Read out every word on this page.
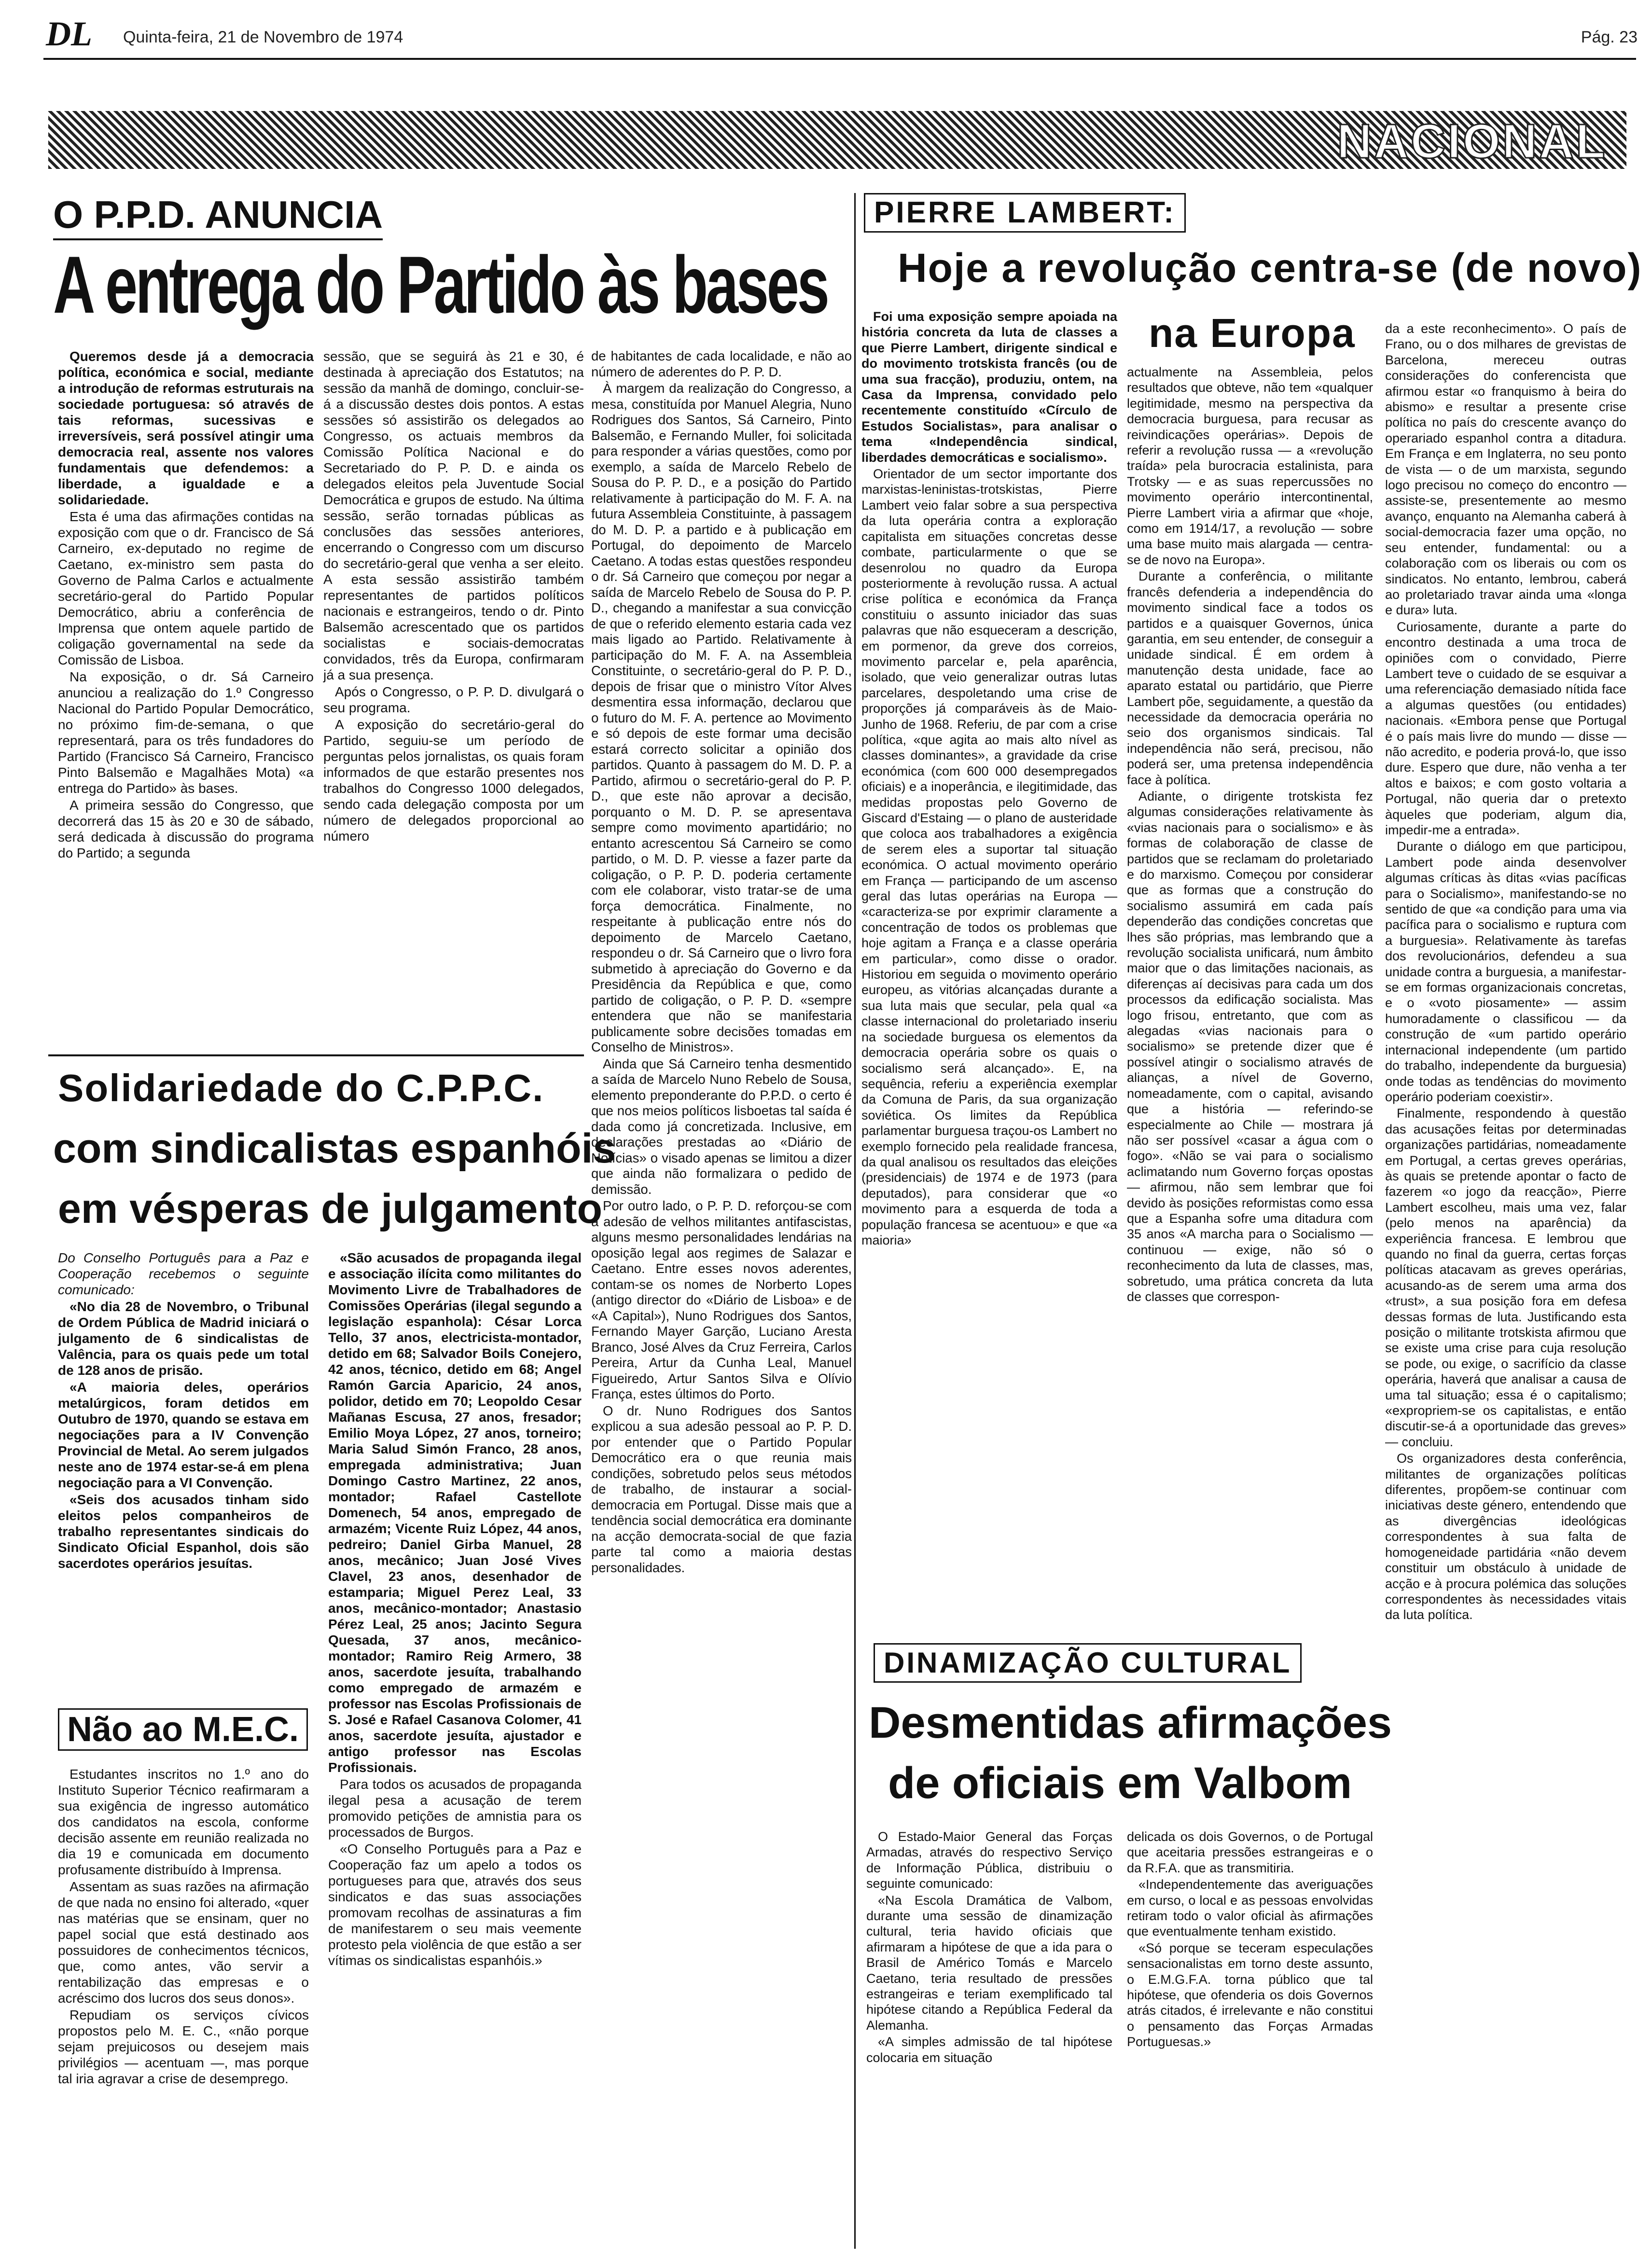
DL Quinta-feira, 21 de Novembro de 1974	Pág. 23
NACIONAL
O P.P.D. ANUNCIA
A entrega do Partido às bases

Queremos desde já a democracia política, económica e social, mediante a introdução de reformas estruturais na sociedade portuguesa: só através de tais reformas, sucessivas e irreversíveis, será possível atingir uma democracia real, assente nos valores fundamentais que defendemos: a liberdade, a igualdade e a solidariedade.

Esta é uma das afirmações contidas na exposição com que o dr. Francisco de Sá Carneiro, ex-deputado no regime de Caetano, ex-ministro sem pasta do Governo de Palma Carlos e actualmente secretário-geral do Partido Popular Democrático, abriu a conferência de Imprensa que ontem aquele partido de coligação governamental na sede da Comissão de Lisboa.

Na exposição, o dr. Sá Carneiro anunciou a realização do 1.º Congresso Nacional do Partido Popular Democrático, no próximo fim-de-semana, o que representará, para os três fundadores do Partido (Francisco Sá Carneiro, Francisco Pinto Balsemão e Magalhães Mota) «a entrega do Partido» às bases.

A primeira sessão do Congresso, que decorrerá das 15 às 20 e 30 de sábado, será dedicada à discussão do programa do Partido; a segunda

sessão, que se seguirá às 21 e 30, é destinada à apreciação dos Estatutos; na sessão da manhã de domingo, concluir-se-á a discussão destes dois pontos. A estas sessões só assistirão os delegados ao Congresso, os actuais membros da Comissão Política Nacional e do Secretariado do P. P. D. e ainda os delegados eleitos pela Juventude Social Democrática e grupos de estudo. Na última sessão, serão tornadas públicas as conclusões das sessões anteriores, encerrando o Congresso com um discurso do secretário-geral que venha a ser eleito. A esta sessão assistirão também representantes de partidos políticos nacionais e estrangeiros, tendo o dr. Pinto Balsemão acrescentado que os partidos socialistas e sociais-democratas convidados, três da Europa, confirmaram já a sua presença.

Após o Congresso, o P. P. D. divulgará o seu programa.

A exposição do secretário-geral do Partido, seguiu-se um período de perguntas pelos jornalistas, os quais foram informados de que estarão presentes nos trabalhos do Congresso 1000 delegados, sendo cada delegação composta por um número de delegados proporcional ao número

de habitantes de cada localidade, e não ao número de aderentes do P. P. D.

À margem da realização do Congresso, a mesa, constituída por Manuel Alegria, Nuno Rodrigues dos Santos, Sá Carneiro, Pinto Balsemão, e Fernando Muller, foi solicitada para responder a várias questões, como por exemplo, a saída de Marcelo Rebelo de Sousa do P. P. D., e a posição do Partido relativamente à participação do M. F. A. na futura Assembleia Constituinte, à passagem do M. D. P. a partido e à publicação em Portugal, do depoimento de Marcelo Caetano. A todas estas questões respondeu o dr. Sá Carneiro que começou por negar a saída de Marcelo Rebelo de Sousa do P. P. D., chegando a manifestar a sua convicção de que o referido elemento estaria cada vez mais ligado ao Partido. Relativamente à participação do M. F. A. na Assembleia Constituinte, o secretário-geral do P. P. D., depois de frisar que o ministro Vítor Alves desmentira essa informação, declarou que o futuro do M. F. A. pertence ao Movimento e só depois de este formar uma decisão estará correcto solicitar a opinião dos partidos. Quanto à passagem do M. D. P. a Partido, afirmou o secretário-geral do P. P. D., que este não aprovar a decisão, porquanto o M. D. P. se apresentava sempre como movimento apartidário; no entanto acrescentou Sá Carneiro se como partido, o M. D. P. viesse a fazer parte da coligação, o P. P. D. poderia certamente com ele colaborar, visto tratar-se de uma força democrática. Finalmente, no respeitante à publicação entre nós do depoimento de Marcelo Caetano, respondeu o dr. Sá Carneiro que o livro fora submetido à apreciação do Governo e da Presidência da República e que, como partido de coligação, o P. P. D. «sempre entendera que não se manifestaria publicamente sobre decisões tomadas em Conselho de Ministros».

Ainda que Sá Carneiro tenha desmentido a saída de Marcelo Nuno Rebelo de Sousa, elemento preponderante do P.P.D. o certo é que nos meios políticos lisboetas tal saída é dada como já concretizada. Inclusive, em declarações prestadas ao «Diário de Notícias» o visado apenas se limitou a dizer que ainda não formalizara o pedido de demissão.

Por outro lado, o P. P. D. reforçou-se com a adesão de velhos militantes antifascistas, alguns mesmo personalidades lendárias na oposição legal aos regimes de Salazar e Caetano. Entre esses novos aderentes, contam-se os nomes de Norberto Lopes (antigo director do «Diário de Lisboa» e de «A Capital»), Nuno Rodrigues dos Santos, Fernando Mayer Garção, Luciano Aresta Branco, José Alves da Cruz Ferreira, Carlos Pereira, Artur da Cunha Leal, Manuel Figueiredo, Artur Santos Silva e Olívio França, estes últimos do Porto.

O dr. Nuno Rodrigues dos Santos explicou a sua adesão pessoal ao P. P. D. por entender que o Partido Popular Democrático era o que reunia mais condições, sobretudo pelos seus métodos de trabalho, de instaurar a social-democracia em Portugal. Disse mais que a tendência social democrática era dominante na acção democrata-social de que fazia parte tal como a maioria destas personalidades.

Solidariedade do C.P.P.C.
com sindicalistas espanhóis
em vésperas de julgamento

Do Conselho Português para a Paz e Cooperação recebemos o seguinte comunicado:

«No dia 28 de Novembro, o Tribunal de Ordem Pública de Madrid iniciará o julgamento de 6 sindicalistas de Valência, para os quais pede um total de 128 anos de prisão.

«A maioria deles, operários metalúrgicos, foram detidos em Outubro de 1970, quando se estava em negociações para a IV Convenção Provincial de Metal. Ao serem julgados neste ano de 1974 estar-se-á em plena negociação para a VI Convenção.

«Seis dos acusados tinham sido eleitos pelos companheiros de trabalho representantes sindicais do Sindicato Oficial Espanhol, dois são sacerdotes operários jesuítas.

«São acusados de propaganda ilegal e associação ilícita como militantes do Movimento Livre de Trabalhadores de Comissões Operárias (ilegal segundo a legislação espanhola): César Lorca Tello, 37 anos, electricista-montador, detido em 68; Salvador Boils Conejero, 42 anos, técnico, detido em 68; Angel Ramón Garcia Aparicio, 24 anos, polidor, detido em 70; Leopoldo Cesar Mañanas Escusa, 27 anos, fresador; Emilio Moya López, 27 anos, torneiro; Maria Salud Simón Franco, 28 anos, empregada administrativa; Juan Domingo Castro Martinez, 22 anos, montador; Rafael Castellote Domenech, 54 anos, empregado de armazém; Vicente Ruiz López, 44 anos, pedreiro; Daniel Girba Manuel, 28 anos, mecânico; Juan José Vives Clavel, 23 anos, desenhador de estamparia; Miguel Perez Leal, 33 anos, mecânico-montador; Anastasio Pérez Leal, 25 anos; Jacinto Segura Quesada, 37 anos, mecânico-montador; Ramiro Reig Armero, 38 anos, sacerdote jesuíta, trabalhando como empregado de armazém e professor nas Escolas Profissionais de S. José e Rafael Casanova Colomer, 41 anos, sacerdote jesuíta, ajustador e antigo professor nas Escolas Profissionais.

Para todos os acusados de propaganda ilegal pesa a acusação de terem promovido petições de amnistia para os processados de Burgos.

«O Conselho Português para a Paz e Cooperação faz um apelo a todos os portugueses para que, através dos seus sindicatos e das suas associações promovam recolhas de assinaturas a fim de manifestarem o seu mais veemente protesto pela violência de que estão a ser vítimas os sindicalistas espanhóis.»

Não ao M.E.C.

Estudantes inscritos no 1.º ano do Instituto Superior Técnico reafirmaram a sua exigência de ingresso automático dos candidatos na escola, conforme decisão assente em reunião realizada no dia 19 e comunicada em documento profusamente distribuído à Imprensa.

Assentam as suas razões na afirmação de que nada no ensino foi alterado, «quer nas matérias que se ensinam, quer no papel social que está destinado aos possuidores de conhecimentos técnicos, que, como antes, vão servir a rentabilização das empresas e o acréscimo dos lucros dos seus donos».

Repudiam os serviços cívicos propostos pelo M. E. C., «não porque sejam prejuicosos ou desejem mais privilégios — acentuam —, mas porque tal iria agravar a crise de desemprego.

PIERRE LAMBERT:
Hoje a revolução centra-se (de novo)
na Europa

Foi uma exposição sempre apoiada na história concreta da luta de classes a que Pierre Lambert, dirigente sindical e do movimento trotskista francês (ou de uma sua fracção), produziu, ontem, na Casa da Imprensa, convidado pelo recentemente constituído «Círculo de Estudos Socialistas», para analisar o tema «Independência sindical, liberdades democráticas e socialismo».

Orientador de um sector importante dos marxistas-leninistas-trotskistas, Pierre Lambert veio falar sobre a sua perspectiva da luta operária contra a exploração capitalista em situações concretas desse combate, particularmente o que se desenrolou no quadro da Europa posteriormente à revolução russa. A actual crise política e económica da França constituiu o assunto iniciador das suas palavras que não esqueceram a descrição, em pormenor, da greve dos correios, movimento parcelar e, pela aparência, isolado, que veio generalizar outras lutas parcelares, despoletando uma crise de proporções já comparáveis às de Maio-Junho de 1968. Referiu, de par com a crise política, «que agita ao mais alto nível as classes dominantes», a gravidade da crise económica (com 600 000 desempregados oficiais) e a inoperância, e ilegitimidade, das medidas propostas pelo Governo de Giscard d'Estaing — o plano de austeridade que coloca aos trabalhadores a exigência de serem eles a suportar tal situação económica. O actual movimento operário em França — participando de um ascenso geral das lutas operárias na Europa — «caracteriza-se por exprimir claramente a concentração de todos os problemas que hoje agitam a França e a classe operária em particular», como disse o orador. Historiou em seguida o movimento operário europeu, as vitórias alcançadas durante a sua luta mais que secular, pela qual «a classe internacional do proletariado inseriu na sociedade burguesa os elementos da democracia operária sobre os quais o socialismo será alcançado». E, na sequência, referiu a experiência exemplar da Comuna de Paris, da sua organização soviética. Os limites da República parlamentar burguesa traçou-os Lambert no exemplo fornecido pela realidade francesa, da qual analisou os resultados das eleições (presidenciais) de 1974 e de 1973 (para deputados), para considerar que «o movimento para a esquerda de toda a população francesa se acentuou» e que «a maioria»

actualmente na Assembleia, pelos resultados que obteve, não tem «qualquer legitimidade, mesmo na perspectiva da democracia burguesa, para recusar as reivindicações operárias». Depois de referir a revolução russa — a «revolução traída» pela burocracia estalinista, para Trotsky — e as suas repercussões no movimento operário intercontinental, Pierre Lambert viria a afirmar que «hoje, como em 1914/17, a revolução — sobre uma base muito mais alargada — centra-se de novo na Europa».

Durante a conferência, o militante francês defenderia a independência do movimento sindical face a todos os partidos e a quaisquer Governos, única garantia, em seu entender, de conseguir a unidade sindical. É em ordem à manutenção desta unidade, face ao aparato estatal ou partidário, que Pierre Lambert põe, seguidamente, a questão da necessidade da democracia operária no seio dos organismos sindicais. Tal independência não será, precisou, não poderá ser, uma pretensa independência face à política.

Adiante, o dirigente trotskista fez algumas considerações relativamente às «vias nacionais para o socialismo» e às formas de colaboração de classe de partidos que se reclamam do proletariado e do marxismo. Começou por considerar que as formas que a construção do socialismo assumirá em cada país dependerão das condições concretas que lhes são próprias, mas lembrando que a revolução socialista unificará, num âmbito maior que o das limitações nacionais, as diferenças aí decisivas para cada um dos processos da edificação socialista. Mas logo frisou, entretanto, que com as alegadas «vias nacionais para o socialismo» se pretende dizer que é possível atingir o socialismo através de alianças, a nível de Governo, nomeadamente, com o capital, avisando que a história — referindo-se especialmente ao Chile — mostrara já não ser possível «casar a água com o fogo». «Não se vai para o socialismo aclimatando num Governo forças opostas — afirmou, não sem lembrar que foi devido às posições reformistas como essa que a Espanha sofre uma ditadura com 35 anos «A marcha para o Socialismo — continuou — exige, não só o reconhecimento da luta de classes, mas, sobretudo, uma prática concreta da luta de classes que correspon-

da a este reconhecimento». O país de Frano, ou o dos milhares de grevistas de Barcelona, mereceu outras considerações do conferencista que afirmou estar «o franquismo à beira do abismo» e resultar a presente crise política no país do crescente avanço do operariado espanhol contra a ditadura. Em França e em Inglaterra, no seu ponto de vista — o de um marxista, segundo logo precisou no começo do encontro — assiste-se, presentemente ao mesmo avanço, enquanto na Alemanha caberá à social-democracia fazer uma opção, no seu entender, fundamental: ou a colaboração com os liberais ou com os sindicatos. No entanto, lembrou, caberá ao proletariado travar ainda uma «longa e dura» luta.

Curiosamente, durante a parte do encontro destinada a uma troca de opiniões com o convidado, Pierre Lambert teve o cuidado de se esquivar a uma referenciação demasiado nítida face a algumas questões (ou entidades) nacionais. «Embora pense que Portugal é o país mais livre do mundo — disse — não acredito, e poderia prová-lo, que isso dure. Espero que dure, não venha a ter altos e baixos; e com gosto voltaria a Portugal, não queria dar o pretexto àqueles que poderiam, algum dia, impedir-me a entrada».

Durante o diálogo em que participou, Lambert pode ainda desenvolver algumas críticas às ditas «vias pacíficas para o Socialismo», manifestando-se no sentido de que «a condição para uma via pacífica para o socialismo e ruptura com a burguesia». Relativamente às tarefas dos revolucionários, defendeu a sua unidade contra a burguesia, a manifestar-se em formas organizacionais concretas, e o «voto piosamente» — assim humoradamente o classificou — da construção de «um partido operário internacional independente (um partido do trabalho, independente da burguesia) onde todas as tendências do movimento operário poderiam coexistir».

Finalmente, respondendo à questão das acusações feitas por determinadas organizações partidárias, nomeadamente em Portugal, a certas greves operárias, às quais se pretende apontar o facto de fazerem «o jogo da reacção», Pierre Lambert escolheu, mais uma vez, falar (pelo menos na aparência) da experiência francesa. E lembrou que quando no final da guerra, certas forças políticas atacavam as greves operárias, acusando-as de serem uma arma dos «trust», a sua posição fora em defesa dessas formas de luta. Justificando esta posição o militante trotskista afirmou que se existe uma crise para cuja resolução se pode, ou exige, o sacrifício da classe operária, haverá que analisar a causa de uma tal situação; essa é o capitalismo; «expropriem-se os capitalistas, e então discutir-se-á a oportunidade das greves» — concluiu.

Os organizadores desta conferência, militantes de organizações políticas diferentes, propõem-se continuar com iniciativas deste género, entendendo que as divergências ideológicas correspondentes à sua falta de homogeneidade partidária «não devem constituir um obstáculo à unidade de acção e à procura polémica das soluções correspondentes às necessidades vitais da luta política.

DINAMIZAÇÃO CULTURAL
Desmentidas afirmações
de oficiais em Valbom

O Estado-Maior General das Forças Armadas, através do respectivo Serviço de Informação Pública, distribuiu o seguinte comunicado:

«Na Escola Dramática de Valbom, durante uma sessão de dinamização cultural, teria havido oficiais que afirmaram a hipótese de que a ida para o Brasil de Américo Tomás e Marcelo Caetano, teria resultado de pressões estrangeiras e teriam exemplificado tal hipótese citando a República Federal da Alemanha.

«A simples admissão de tal hipótese colocaria em situação

delicada os dois Governos, o de Portugal que aceitaria pressões estrangeiras e o da R.F.A. que as transmitiria.

«Independentemente das averiguações em curso, o local e as pessoas envolvidas retiram todo o valor oficial às afirmações que eventualmente tenham existido.

«Só porque se teceram especulações sensacionalistas em torno deste assunto, o E.M.G.F.A. torna público que tal hipótese, que ofenderia os dois Governos atrás citados, é irrelevante e não constitui o pensamento das Forças Armadas Portuguesas.»
